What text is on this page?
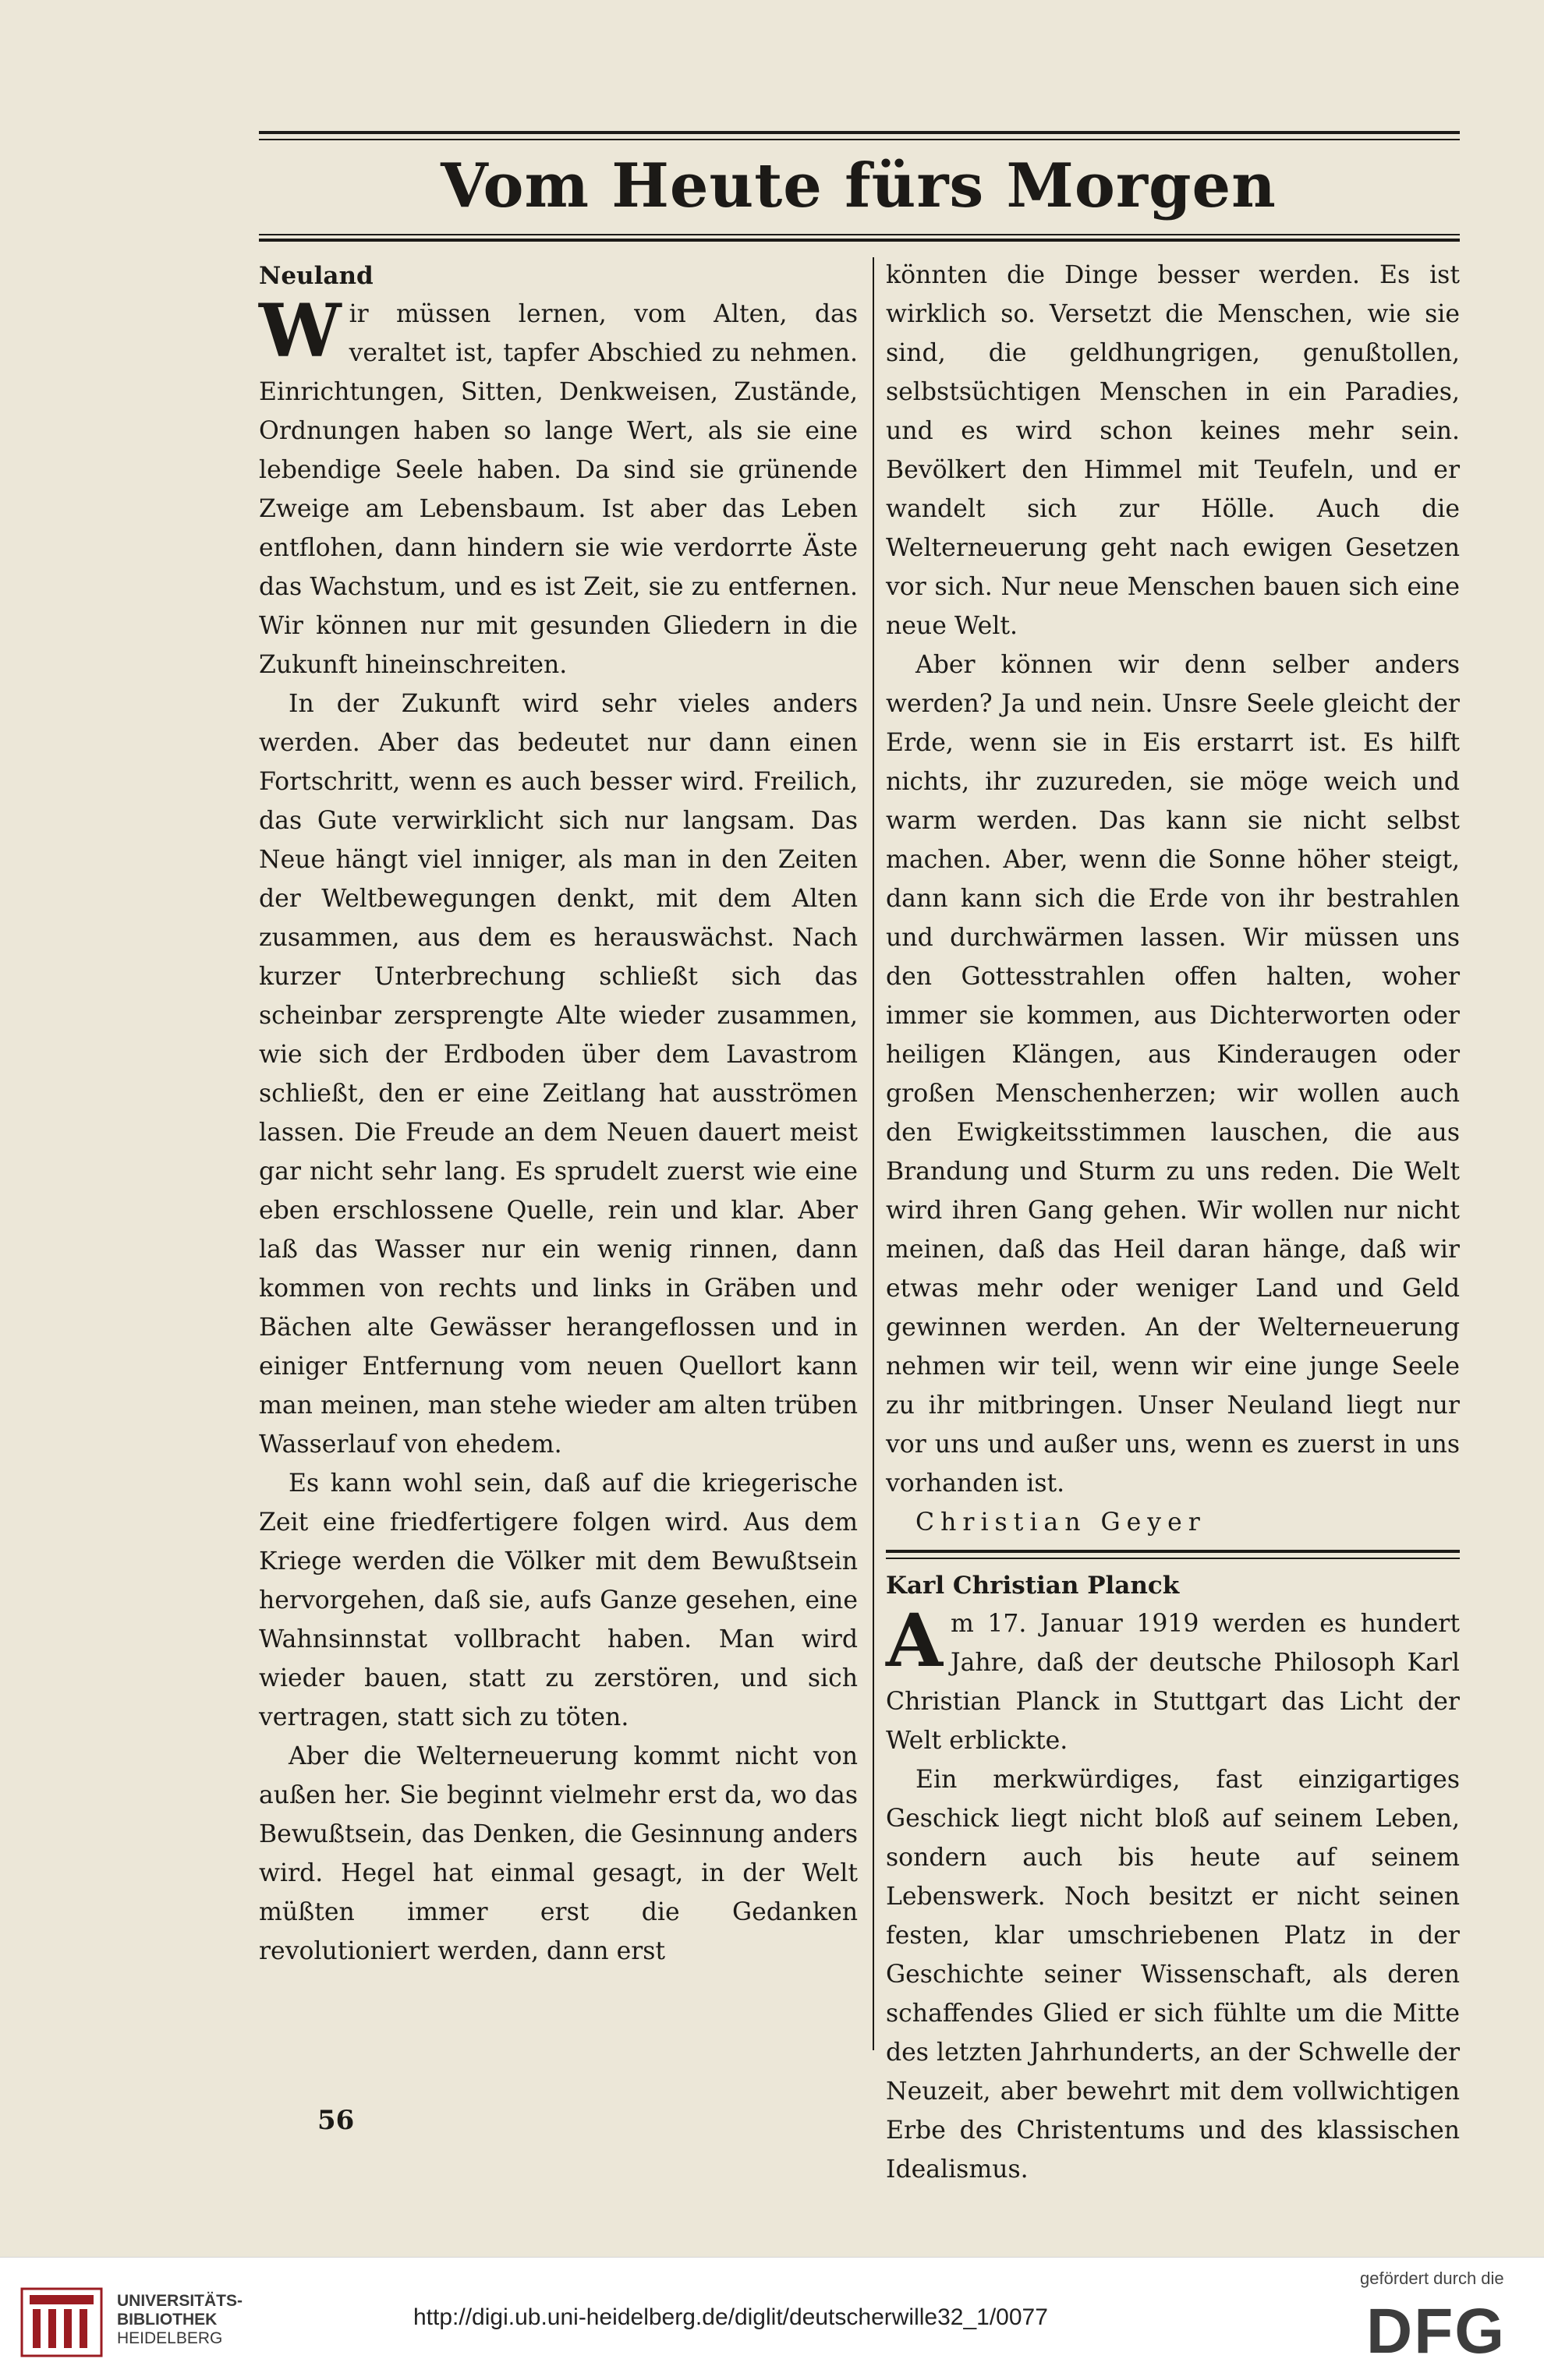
Vom Heute fürs Morgen
Neuland

Wir müssen lernen, vom Alten, das veraltet ist, tapfer Abschied zu nehmen. Einrichtungen, Sitten, Denkweisen, Zustände, Ordnungen haben so lange Wert, als sie eine lebendige Seele haben. Da sind sie grünende Zweige am Lebensbaum. Ist aber das Leben entflohen, dann hindern sie wie verdorrte Äste das Wachstum, und es ist Zeit, sie zu entfernen. Wir können nur mit gesunden Gliedern in die Zukunft hineinschreiten.

In der Zukunft wird sehr vieles anders werden. Aber das bedeutet nur dann einen Fortschritt, wenn es auch besser wird. Freilich, das Gute verwirklicht sich nur langsam. Das Neue hängt viel inniger, als man in den Zeiten der Weltbewegungen denkt, mit dem Alten zusammen, aus dem es herauswächst. Nach kurzer Unterbrechung schließt sich das scheinbar zersprengte Alte wieder zusammen, wie sich der Erdboden über dem Lavastrom schließt, den er eine Zeitlang hat ausströmen lassen. Die Freude an dem Neuen dauert meist gar nicht sehr lang. Es sprudelt zuerst wie eine eben erschlossene Quelle, rein und klar. Aber laß das Wasser nur ein wenig rinnen, dann kommen von rechts und links in Gräben und Bächen alte Gewässer herangeflossen und in einiger Entfernung vom neuen Quellort kann man meinen, man stehe wieder am alten trüben Wasserlauf von ehedem.

Es kann wohl sein, daß auf die kriegerische Zeit eine friedfertigere folgen wird. Aus dem Kriege werden die Völker mit dem Bewußtsein hervorgehen, daß sie, aufs Ganze gesehen, eine Wahnsinnstat vollbracht haben. Man wird wieder bauen, statt zu zerstören, und sich vertragen, statt sich zu töten.

Aber die Welterneuerung kommt nicht von außen her. Sie beginnt vielmehr erst da, wo das Bewußtsein, das Denken, die Gesinnung anders wird. Hegel hat einmal gesagt, in der Welt müßten immer erst die Gedanken revolutioniert werden, dann erst

könnten die Dinge besser werden. Es ist wirklich so. Versetzt die Menschen, wie sie sind, die geldhungrigen, genußtollen, selbstsüchtigen Menschen in ein Paradies, und es wird schon keines mehr sein. Bevölkert den Himmel mit Teufeln, und er wandelt sich zur Hölle. Auch die Welterneuerung geht nach ewigen Gesetzen vor sich. Nur neue Menschen bauen sich eine neue Welt.

Aber können wir denn selber anders werden? Ja und nein. Unsre Seele gleicht der Erde, wenn sie in Eis erstarrt ist. Es hilft nichts, ihr zuzureden, sie möge weich und warm werden. Das kann sie nicht selbst machen. Aber, wenn die Sonne höher steigt, dann kann sich die Erde von ihr bestrahlen und durchwärmen lassen. Wir müssen uns den Gottesstrahlen offen halten, woher immer sie kommen, aus Dichterworten oder heiligen Klängen, aus Kinderaugen oder großen Menschenherzen; wir wollen auch den Ewigkeitsstimmen lauschen, die aus Brandung und Sturm zu uns reden. Die Welt wird ihren Gang gehen. Wir wollen nur nicht meinen, daß das Heil daran hänge, daß wir etwas mehr oder weniger Land und Geld gewinnen werden. An der Welterneuerung nehmen wir teil, wenn wir eine junge Seele zu ihr mitbringen. Unser Neuland liegt nur vor uns und außer uns, wenn es zuerst in uns vorhanden ist.

Christian Geyer

Karl Christian Planck

Am 17. Januar 1919 werden es hundert Jahre, daß der deutsche Philosoph Karl Christian Planck in Stuttgart das Licht der Welt erblickte.

Ein merkwürdiges, fast einzigartiges Geschick liegt nicht bloß auf seinem Leben, sondern auch bis heute auf seinem Lebenswerk. Noch besitzt er nicht seinen festen, klar umschriebenen Platz in der Geschichte seiner Wissenschaft, als deren schaffendes Glied er sich fühlte um die Mitte des letzten Jahrhunderts, an der Schwelle der Neuzeit, aber bewehrt mit dem vollwichtigen Erbe des Christentums und des klassischen Idealismus.

56
UNIVERSITÄTS-
BIBLIOTHEK
HEIDELBERG
http://digi.ub.uni-heidelberg.de/diglit/deutscherwille32_1/0077
gefördert durch die
DFG
